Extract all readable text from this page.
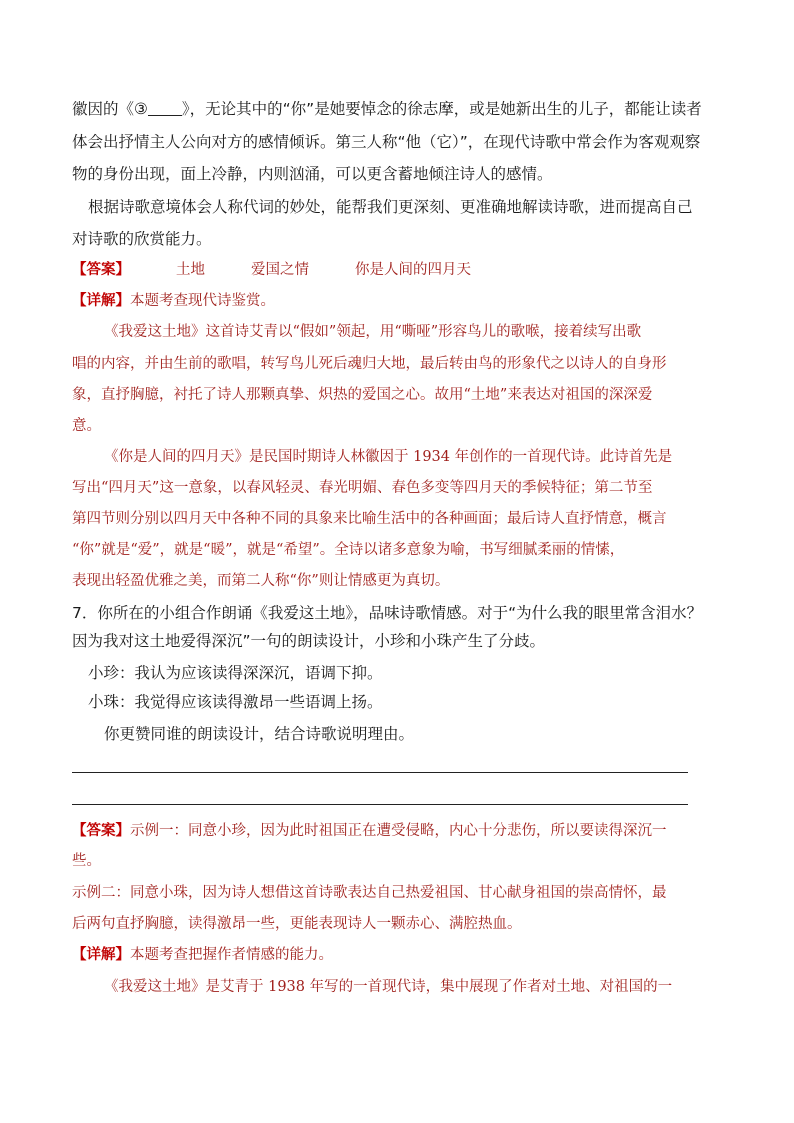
徽因的《③ 》，无论其中的“你”是她要悼念的徐志摩，或是她新出生的儿子，都能让读者
体会出抒情主人公向对方的感情倾诉。第三人称“他（它）”，在现代诗歌中常会作为客观观察
物的身份出现，面上冷静，内则汹涌，可以更含蓄地倾注诗人的感情。
根据诗歌意境体会人称代词的妙处，能帮我们更深刻、更准确地解读诗歌，进而提高自己
对诗歌的欣赏能力。
【答案】	土地	爱国之情	你是人间的四月天
【详解】本题考查现代诗鉴赏。
《我爱这土地》这首诗艾青以“假如”领起，用“嘶哑”形容鸟儿的歌喉，接着续写出歌
唱的内容，并由生前的歌唱，转写鸟儿死后魂归大地，最后转由鸟的形象代之以诗人的自身形
象，直抒胸臆，衬托了诗人那颗真挚、炽热的爱国之心。故用“土地”来表达对祖国的深深爱
意。
《你是人间的四月天》是民国时期诗人林徽因于 1934 年创作的一首现代诗。此诗首先是
写出“四月天”这一意象，以春风轻灵、春光明媚、春色多变等四月天的季候特征；第二节至
第四节则分别以四月天中各种不同的具象来比喻生活中的各种画面；最后诗人直抒情意，概言
“你”就是“爱”，就是“暖”，就是“希望”。全诗以诸多意象为喻，书写细腻柔丽的情愫，
表现出轻盈优雅之美，而第二人称“你”则让情感更为真切。
7．你所在的小组合作朗诵《我爱这土地》，品味诗歌情感。对于“为什么我的眼里常含泪水？
因为我对这土地爱得深沉”一句的朗读设计，小珍和小珠产生了分歧。
小珍：我认为应该读得深深沉，语调下抑。
小珠：我觉得应该读得激昂一些语调上扬。
你更赞同谁的朗读设计，结合诗歌说明理由。
【答案】示例一：同意小珍，因为此时祖国正在遭受侵略，内心十分悲伤，所以要读得深沉一
些。
示例二：同意小珠，因为诗人想借这首诗歌表达自己热爱祖国、甘心献身祖国的崇高情怀，最
后两句直抒胸臆，读得激昂一些，更能表现诗人一颗赤心、满腔热血。
【详解】本题考查把握作者情感的能力。
《我爱这土地》是艾青于 1938 年写的一首现代诗，集中展现了作者对土地、对祖国的一
